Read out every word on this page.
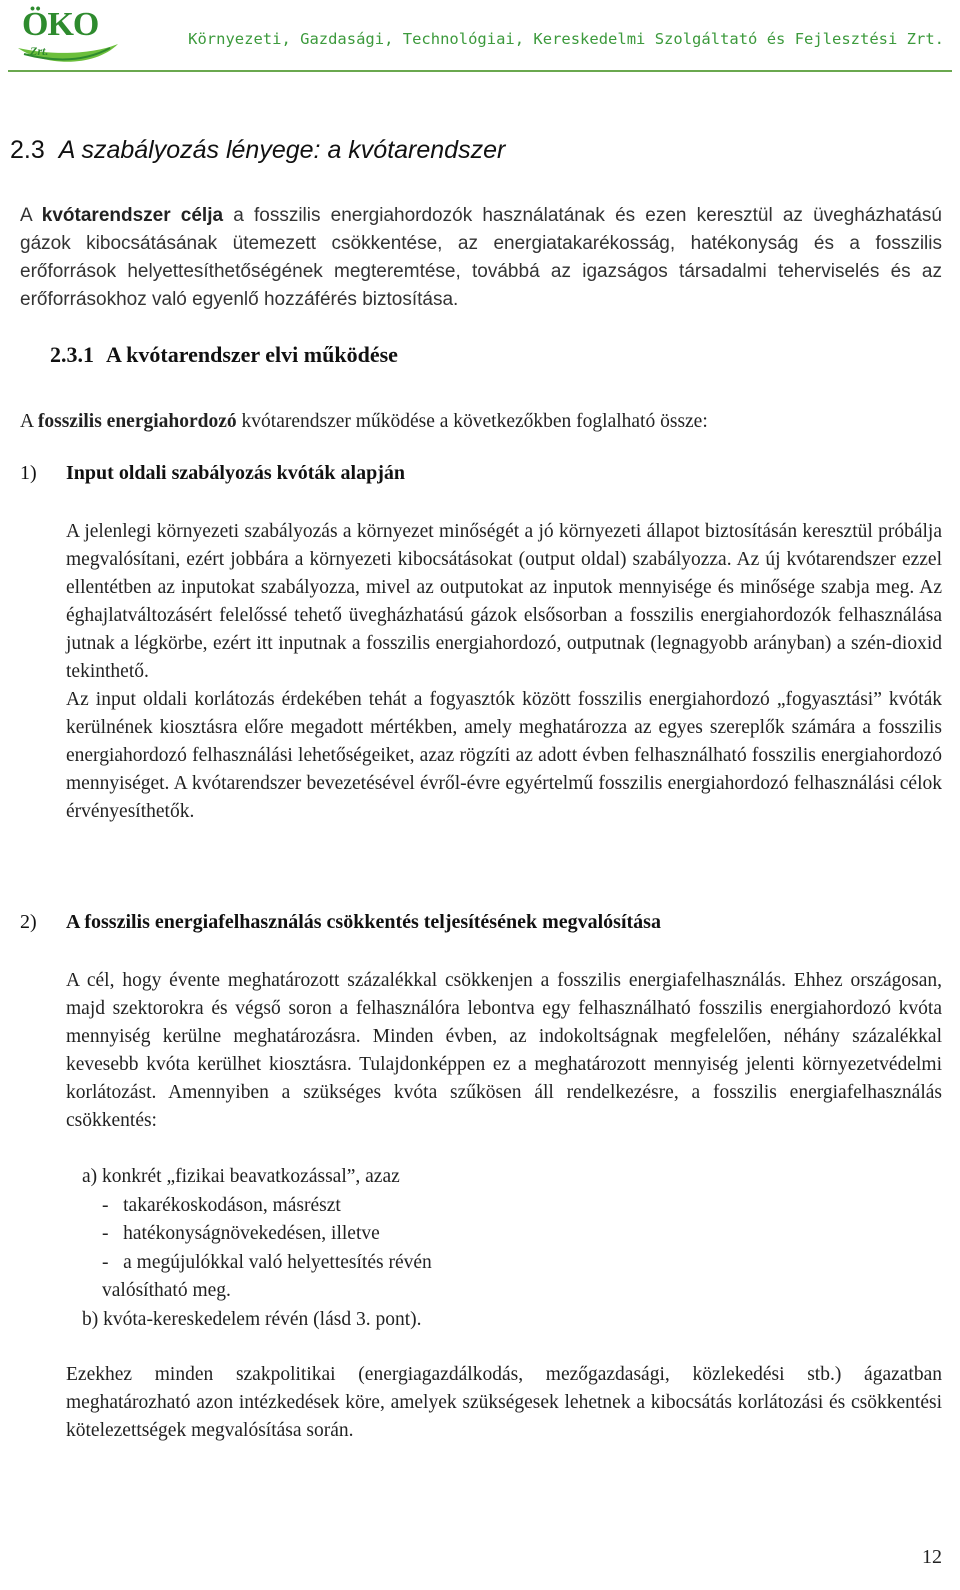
ÖKO
Zrt.
Környezeti, Gazdasági, Technológiai, Kereskedelmi Szolgáltató és Fejlesztési Zrt.
2.3 A szabályozás lényege: a kvótarendszer
A kvótarendszer célja a fosszilis energiahordozók használatának és ezen keresztül az üvegházhatású gázok kibocsátásának ütemezett csökkentése, az energiatakarékosság, hatékonyság és a fosszilis erőforrások helyettesíthetőségének megteremtése, továbbá az igazságos társadalmi teherviselés és az erőforrásokhoz való egyenlő hozzáférés biztosítása.
2.3.1 A kvótarendszer elvi működése
A fosszilis energiahordozó kvótarendszer működése a következőkben foglalható össze:
1) Input oldali szabályozás kvóták alapján

A jelenlegi környezeti szabályozás a környezet minőségét a jó környezeti állapot biztosításán keresztül próbálja megvalósítani, ezért jobbára a környezeti kibocsátásokat (output oldal) szabályozza. Az új kvótarendszer ezzel ellentétben az inputokat szabályozza, mivel az outputokat az inputok mennyisége és minősége szabja meg. Az éghajlatváltozásért felelőssé tehető üvegházhatású gázok elsősorban a fosszilis energiahordozók felhasználása jutnak a légkörbe, ezért itt inputnak a fosszilis energiahordozó, outputnak (legnagyobb arányban) a szén-dioxid tekinthető.

Az input oldali korlátozás érdekében tehát a fogyasztók között fosszilis energiahordozó „fogyasztási” kvóták kerülnének kiosztásra előre megadott mértékben, amely meghatározza az egyes szereplők számára a fosszilis energiahordozó felhasználási lehetőségeiket, azaz rögzíti az adott évben felhasználható fosszilis energiahordozó mennyiséget. A kvótarendszer bevezetésével évről-évre egyértelmű fosszilis energiahordozó felhasználási célok érvényesíthetők.

2) A fosszilis energiafelhasználás csökkentés teljesítésének megvalósítása

A cél, hogy évente meghatározott százalékkal csökkenjen a fosszilis energiafelhasználás. Ehhez országosan, majd szektorokra és végső soron a felhasználóra lebontva egy felhasználható fosszilis energiahordozó kvóta mennyiség kerülne meghatározásra. Minden évben, az indokoltságnak megfelelően, néhány százalékkal kevesebb kvóta kerülhet kiosztásra. Tulajdonképpen ez a meghatározott mennyiség jelenti környezetvédelmi korlátozást. Amennyiben a szükséges kvóta szűkösen áll rendelkezésre, a fosszilis energiafelhasználás csökkentés:

a) konkrét „fizikai beavatkozással”, azaz
-   takarékoskodáson, másrészt
-   hatékonyságnövekedésen, illetve
-   a megújulókkal való helyettesítés révén
valósítható meg.
b) kvóta-kereskedelem révén (lásd 3. pont).

Ezekhez minden szakpolitikai (energiagazdálkodás, mezőgazdasági, közlekedési stb.) ágazatban meghatározható azon intézkedések köre, amelyek szükségesek lehetnek a kibocsátás korlátozási és csökkentési kötelezettségek megvalósítása során.

12
